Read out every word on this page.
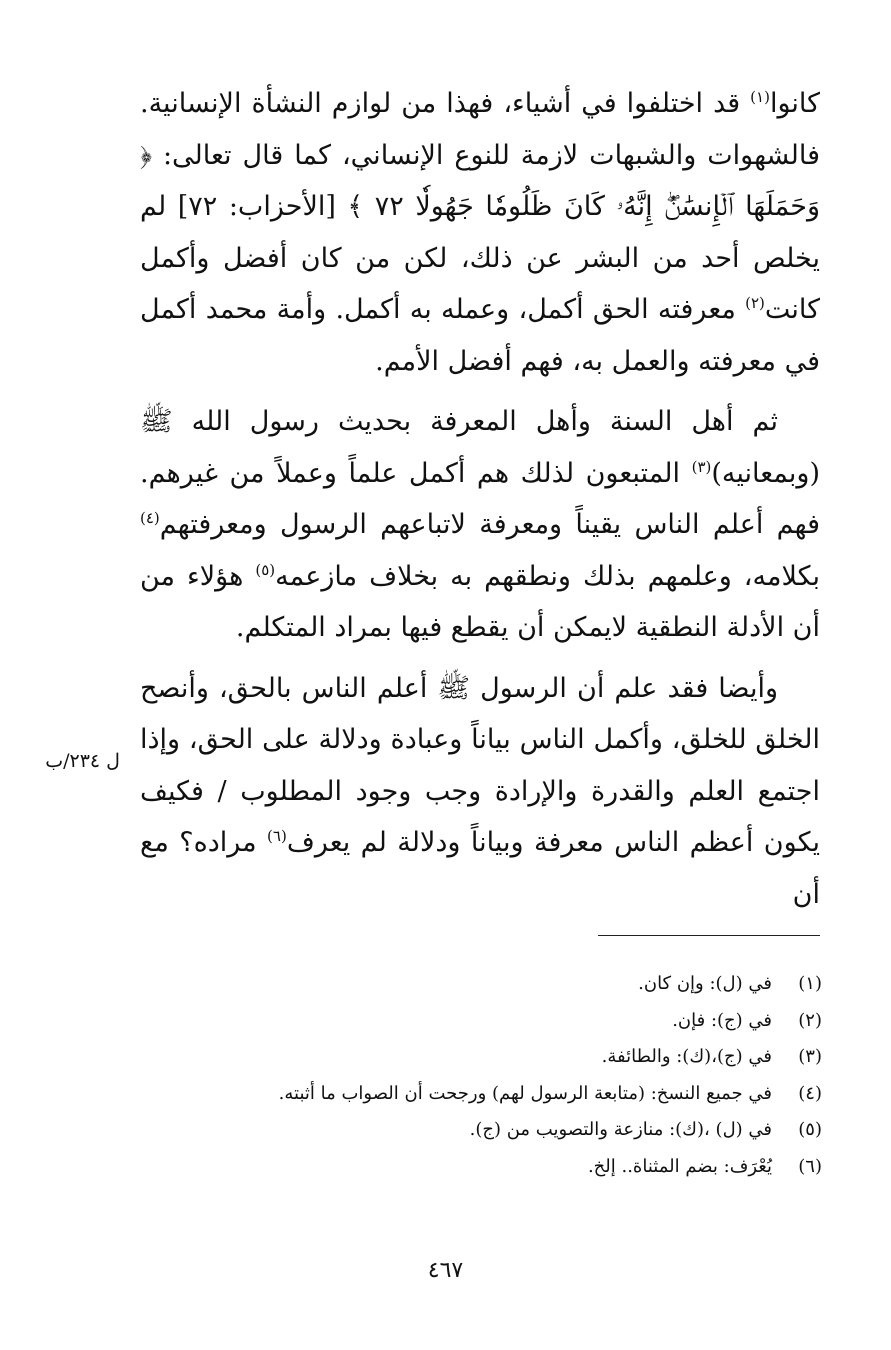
كانوا$^{(١)}$ قد اختلفوا في أشياء، فهذا من لوازم النشأة الإنسانية. فالشهوات والشبهات لازمة للنوع الإنساني، كما قال تعالى: ﴿ وَحَمَلَهَا ٱلۡإِنسَٰنُۖ إِنَّهُۥ كَانَ ظَلُومٗا جَهُولٗا ٧٢ ﴾ [الأحزاب: ٧٢] لم يخلص أحد من البشر عن ذلك، لكن من كان أفضل وأكمل كانت$^{(٢)}$ معرفته الحق أكمل، وعمله به أكمل. وأمة محمد أكمل في معرفته والعمل به، فهم أفضل الأمم.

ثم أهل السنة وأهل المعرفة بحديث رسول الله ﷺ (وبمعانيه)$^{(٣)}$ المتبعون لذلك هم أكمل علماً وعملاً من غيرهم. فهم أعلم الناس يقيناً ومعرفة لاتباعهم الرسول ومعرفتهم$^{(٤)}$ بكلامه، وعلمهم بذلك ونطقهم به بخلاف مازعمه$^{(٥)}$ هؤلاء من أن الأدلة النطقية لايمكن أن يقطع فيها بمراد المتكلم.

وأيضا فقد علم أن الرسول ﷺ أعلم الناس بالحق، وأنصح الخلق للخلق، وأكمل الناس بياناً وعبادة ودلالة على الحق، وإذا اجتمع العلم والقدرة والإرادة وجب وجود المطلوب / فكيف يكون أعظم الناس معرفة وبياناً ودلالة لم يعرف$^{(٦)}$ مراده؟ مع أن

ل ٢٣٤/ب
(١)
في (ل): وإن كان.
(٢)
في (ج): فإن.
(٣)
في (ج)،(ك): والطائفة.
(٤)
في جميع النسخ: (متابعة الرسول لهم) ورجحت أن الصواب ما أثبته.
(٥)
في (ل) ،(ك): منازعة والتصويب من (ج).
(٦)
يُعْرَف: بضم المثناة.. إلخ.
٤٦٧
